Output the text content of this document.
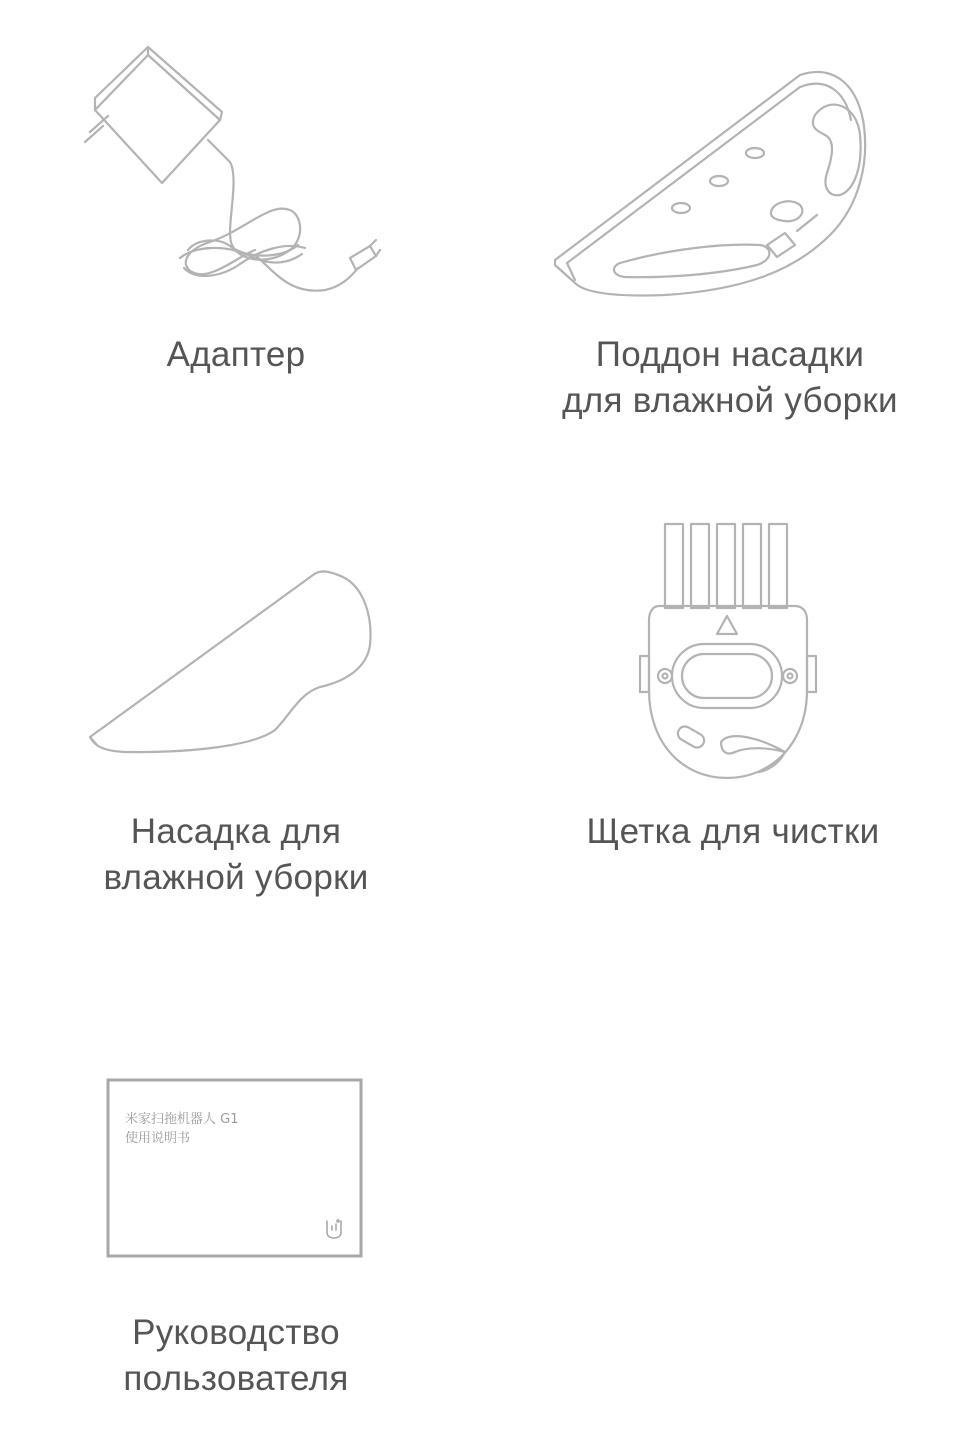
Адаптер	Поддон насадки
для влажной уборки
Насадка для
влажной уборки
Щетка для чистки
米家扫拖机器人 G1
使用说明书
Руководство
пользователя
